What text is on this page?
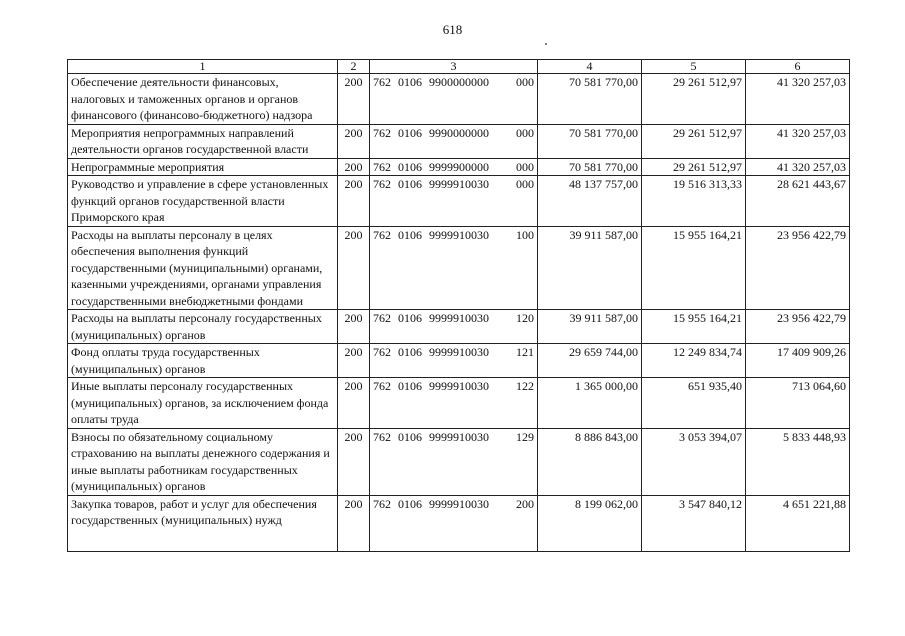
618
1	2	3	4	5	6
Обеспечение деятельности финансовых, налоговых и таможенных органов и органов финансового (финансово-бюджетного) надзора	200	762 0106 9900000000 000	70 581 770,00	29 261 512,97	41 320 257,03
Мероприятия непрограммных направлений деятельности органов государственной власти	200	762 0106 9990000000 000	70 581 770,00	29 261 512,97	41 320 257,03
Непрограммные мероприятия	200	762 0106 9999900000 000	70 581 770,00	29 261 512,97	41 320 257,03
Руководство и управление в сфере установленных функций органов государственной власти Приморского края	200	762 0106 9999910030 000	48 137 757,00	19 516 313,33	28 621 443,67
Расходы на выплаты персоналу в целях обеспечения выполнения функций государственными (муниципальными) органами, казенными учреждениями, органами управления государственными внебюджетными фондами	200	762 0106 9999910030 100	39 911 587,00	15 955 164,21	23 956 422,79
Расходы на выплаты персоналу государственных (муниципальных) органов	200	762 0106 9999910030 120	39 911 587,00	15 955 164,21	23 956 422,79
Фонд оплаты труда государственных (муниципальных) органов	200	762 0106 9999910030 121	29 659 744,00	12 249 834,74	17 409 909,26
Иные выплаты персоналу государственных (муниципальных) органов, за исключением фонда оплаты труда	200	762 0106 9999910030 122	1 365 000,00	651 935,40	713 064,60
Взносы по обязательному социальному страхованию на выплаты денежного содержания и иные выплаты работникам государственных (муниципальных) органов	200	762 0106 9999910030 129	8 886 843,00	3 053 394,07	5 833 448,93
Закупка товаров, работ и услуг для обеспечения государственных (муниципальных) нужд	200	762 0106 9999910030 200	8 199 062,00	3 547 840,12	4 651 221,88
